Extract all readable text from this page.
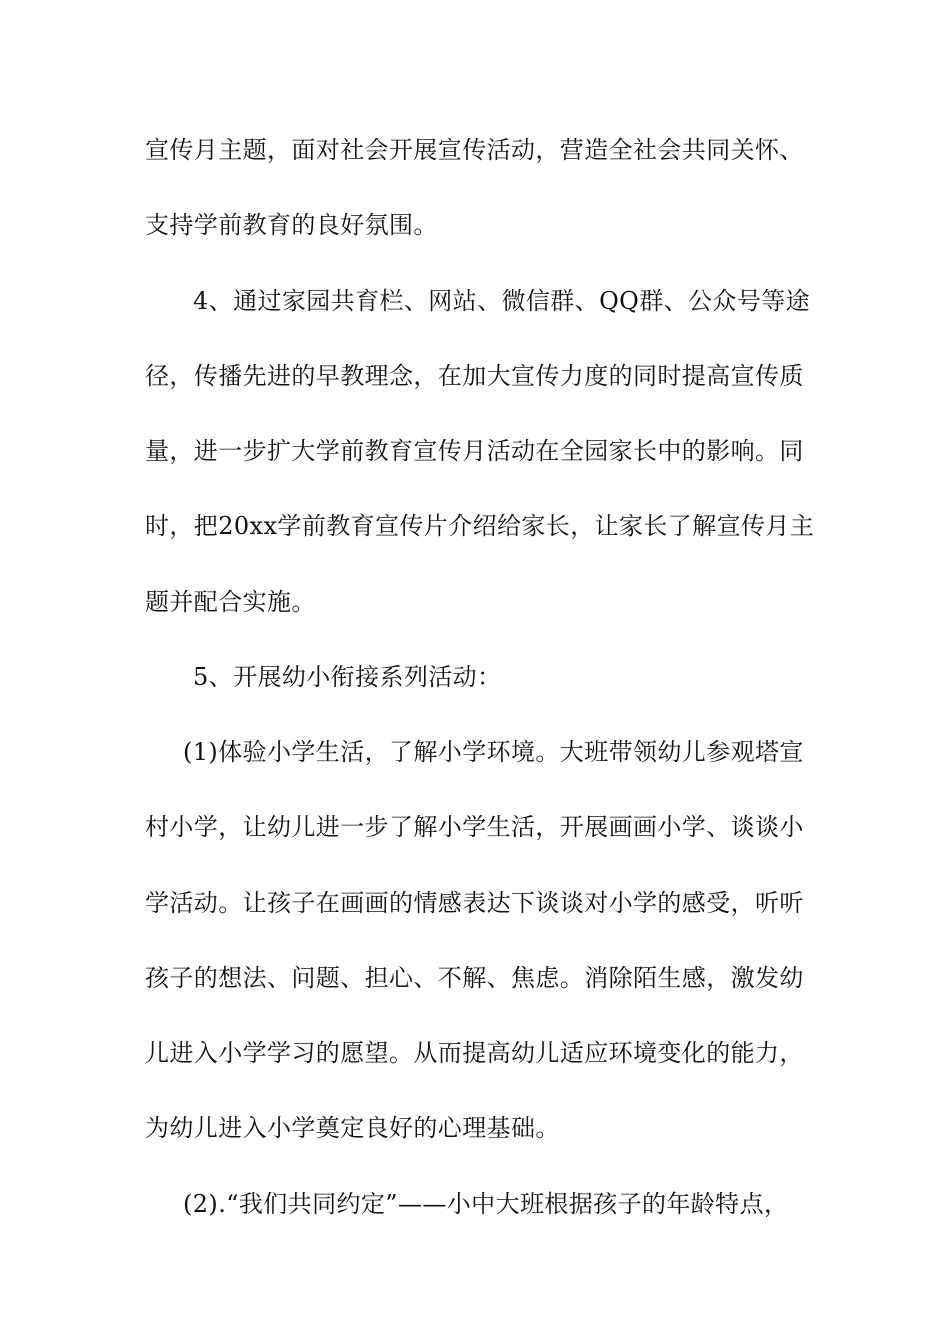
宣传月主题，面对社会开展宣传活动，营造全社会共同关怀、
支持学前教育的良好氛围。
4、通过家园共育栏、网站、微信群、QQ群、公众号等途
径，传播先进的早教理念，在加大宣传力度的同时提高宣传质
量，进一步扩大学前教育宣传月活动在全园家长中的影响。同
时，把20xx学前教育宣传片介绍给家长，让家长了解宣传月主
题并配合实施。
5、开展幼小衔接系列活动：
(1)体验小学生活，了解小学环境。大班带领幼儿参观塔宣
村小学，让幼儿进一步了解小学生活，开展画画小学、谈谈小
学活动。让孩子在画画的情感表达下谈谈对小学的感受，听听
孩子的想法、问题、担心、不解、焦虑。消除陌生感，激发幼
儿进入小学学习的愿望。从而提高幼儿适应环境变化的能力，
为幼儿进入小学奠定良好的心理基础。
(2).“我们共同约定”——小中大班根据孩子的年龄特点，
